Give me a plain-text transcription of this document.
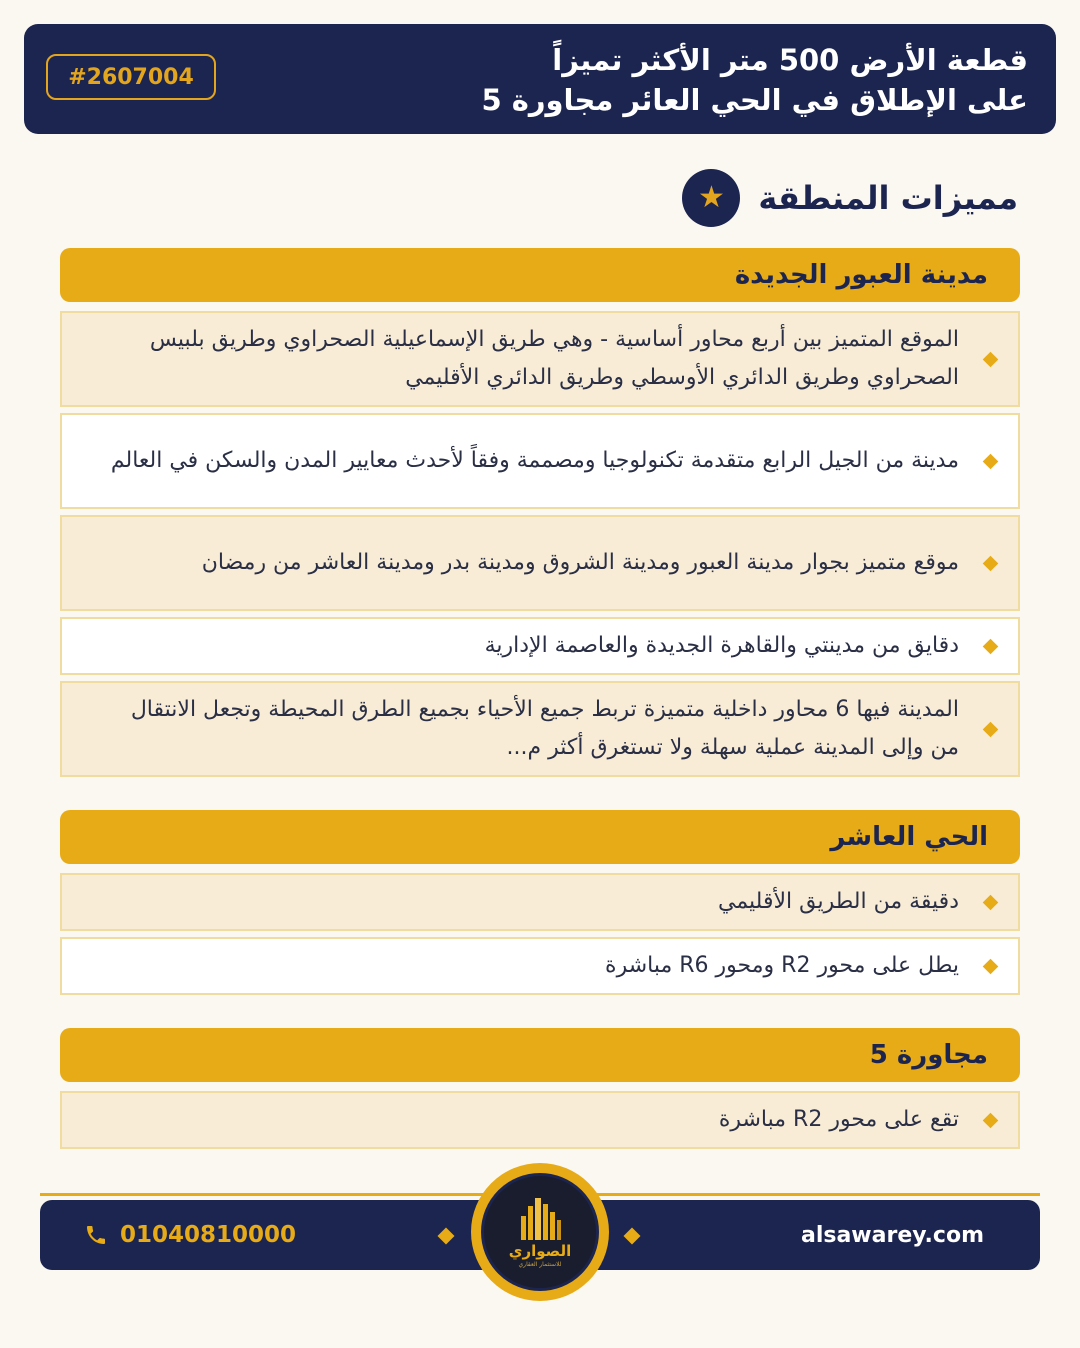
#2607004	قطعة الأرض 500 متر الأكثر تميزاً
على الإطلاق في الحي العائر مجاورة 5
★	مميزات المنطقة
مدينة العبور الجديدة
الموقع المتميز بين أربع محاور أساسية - وهي طريق الإسماعيلية الصحراوي وطريق بلبيس الصحراوي وطريق الدائري الأوسطي وطريق الدائري الأقليمي
مدينة من الجيل الرابع متقدمة تكنولوجيا ومصممة وفقاً لأحدث معايير المدن والسكن في العالم
موقع متميز بجوار مدينة العبور ومدينة الشروق ومدينة بدر ومدينة العاشر من رمضان
دقايق من مدينتي والقاهرة الجديدة والعاصمة الإدارية
المدينة فيها 6 محاور داخلية متميزة تربط جميع الأحياء بجميع الطرق المحيطة وتجعل الانتقال من وإلى المدينة عملية سهلة ولا تستغرق أكثر م...
الحي العاشر
دقيقة من الطريق الأقليمي
يطل على محور R2 ومحور R6 مباشرة
مجاورة 5
تقع على محور R2 مباشرة
01040810000	alsawarey.com
الصواري
للاستثمار العقاري
